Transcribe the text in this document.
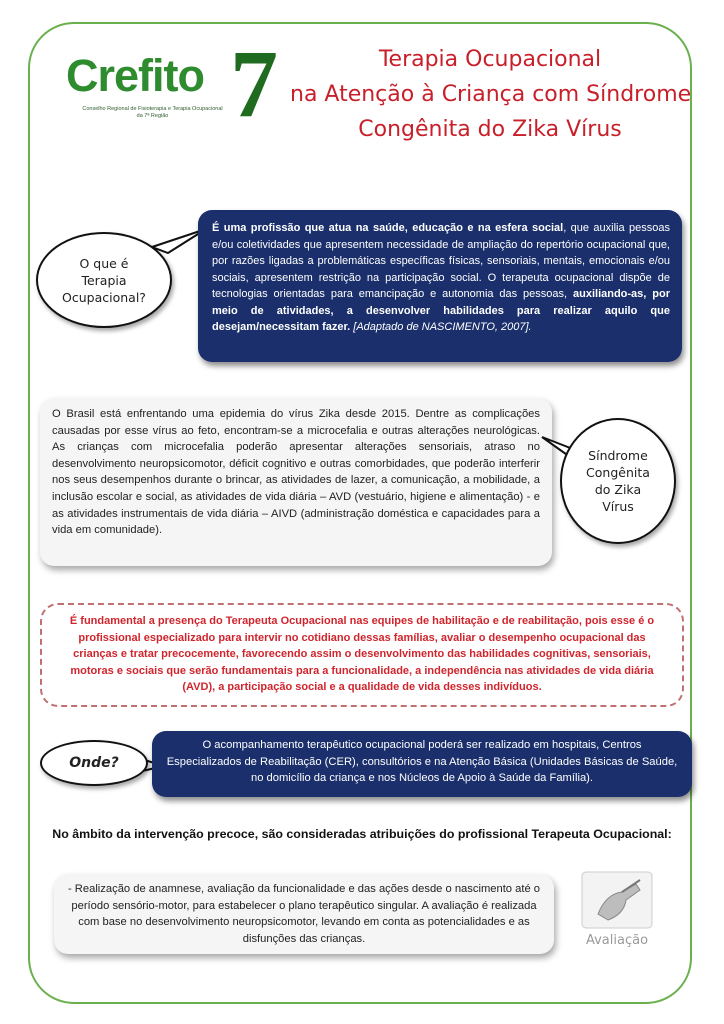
Crefito 7
Conselho Regional de Fisioterapia e Terapia Ocupacional
da 7ª Região
Terapia Ocupacional
na Atenção à Criança com Síndrome
Congênita do Zika Vírus
O que é
Terapia
Ocupacional?
É uma profissão que atua na saúde, educação e na esfera social, que auxilia pessoas e/ou coletividades que apresentem necessidade de ampliação do repertório ocupacional que, por razões ligadas a problemáticas específicas físicas, sensoriais, mentais, emocionais e/ou sociais, apresentem restrição na participação social. O terapeuta ocupacional dispõe de tecnologias orientadas para emancipação e autonomia das pessoas, auxiliando-as, por meio de atividades, a desenvolver habilidades para realizar aquilo que desejam/necessitam fazer. [Adaptado de NASCIMENTO, 2007].
O Brasil está enfrentando uma epidemia do vírus Zika desde 2015. Dentre as complicações causadas por esse vírus ao feto, encontram-se a microcefalia e outras alterações neurológicas. As crianças com microcefalia poderão apresentar alterações sensoriais, atraso no desenvolvimento neuropsicomotor, déficit cognitivo e outras comorbidades, que poderão interferir nos seus desempenhos durante o brincar, as atividades de lazer, a comunicação, a mobilidade, a inclusão escolar e social, as atividades de vida diária – AVD (vestuário, higiene e alimentação) - e as atividades instrumentais de vida diária – AIVD (administração doméstica e capacidades para a vida em comunidade).
Síndrome
Congênita
do Zika
Vírus
É fundamental a presença do Terapeuta Ocupacional nas equipes de habilitação e de reabilitação, pois esse é o profissional especializado para intervir no cotidiano dessas famílias, avaliar o desempenho ocupacional das crianças e tratar precocemente, favorecendo assim o desenvolvimento das habilidades cognitivas, sensoriais, motoras e sociais que serão fundamentais para a funcionalidade, a independência nas atividades de vida diária (AVD), a participação social e a qualidade de vida desses indivíduos.
Onde?
O acompanhamento terapêutico ocupacional poderá ser realizado em hospitais, Centros Especializados de Reabilitação (CER), consultórios e na Atenção Básica (Unidades Básicas de Saúde, no domicílio da criança e nos Núcleos de Apoio à Saúde da Família).
No âmbito da intervenção precoce, são consideradas atribuições do profissional Terapeuta Ocupacional:
- Realização de anamnese, avaliação da funcionalidade e das ações desde o nascimento até o período sensório-motor, para estabelecer o plano terapêutico singular. A avaliação é realizada com base no desenvolvimento neuropsicomotor, levando em conta as potencialidades e as disfunções das crianças.	Avaliação
